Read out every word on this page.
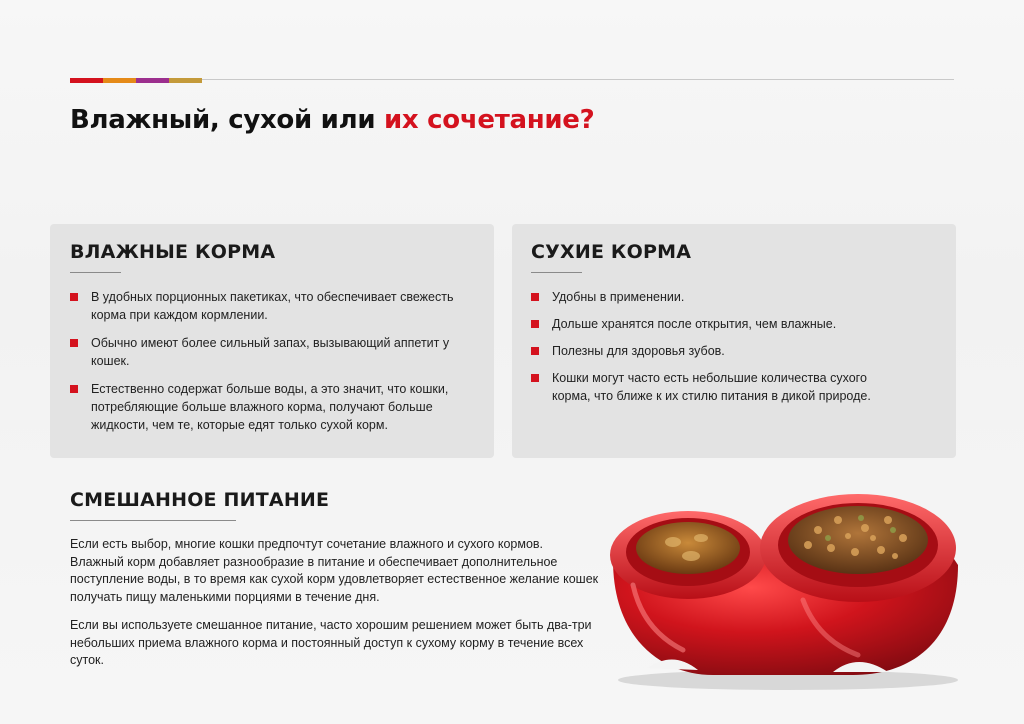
Влажный, сухой или их сочетание?
ВЛАЖНЫЕ КОРМА
В удобных порционных пакетиках, что обеспечивает свежесть корма при каждом кормлении.
Обычно имеют более сильный запах, вызывающий аппетит у кошек.
Естественно содержат больше воды, а это значит, что кошки, потребляющие больше влажного корма, получают больше жидкости, чем те, которые едят только сухой корм.
СУХИЕ КОРМА
Удобны в применении.
Дольше хранятся после открытия, чем влажные.
Полезны для здоровья зубов.
Кошки могут часто есть небольшие количества сухого корма, что ближе к их стилю питания в дикой природе.
СМЕШАННОЕ ПИТАНИЕ

Если есть выбор, многие кошки предпочтут сочетание влажного и сухого кормов. Влажный корм добавляет разнообразие в питание и обеспечивает дополнительное поступление воды, в то время как сухой корм удовлетворяет естественное желание кошек получать пищу маленькими порциями в течение дня.

Если вы используете смешанное питание, часто хорошим решением может быть два-три небольших приема влажного корма и постоянный доступ к сухому корму в течение всех суток.
